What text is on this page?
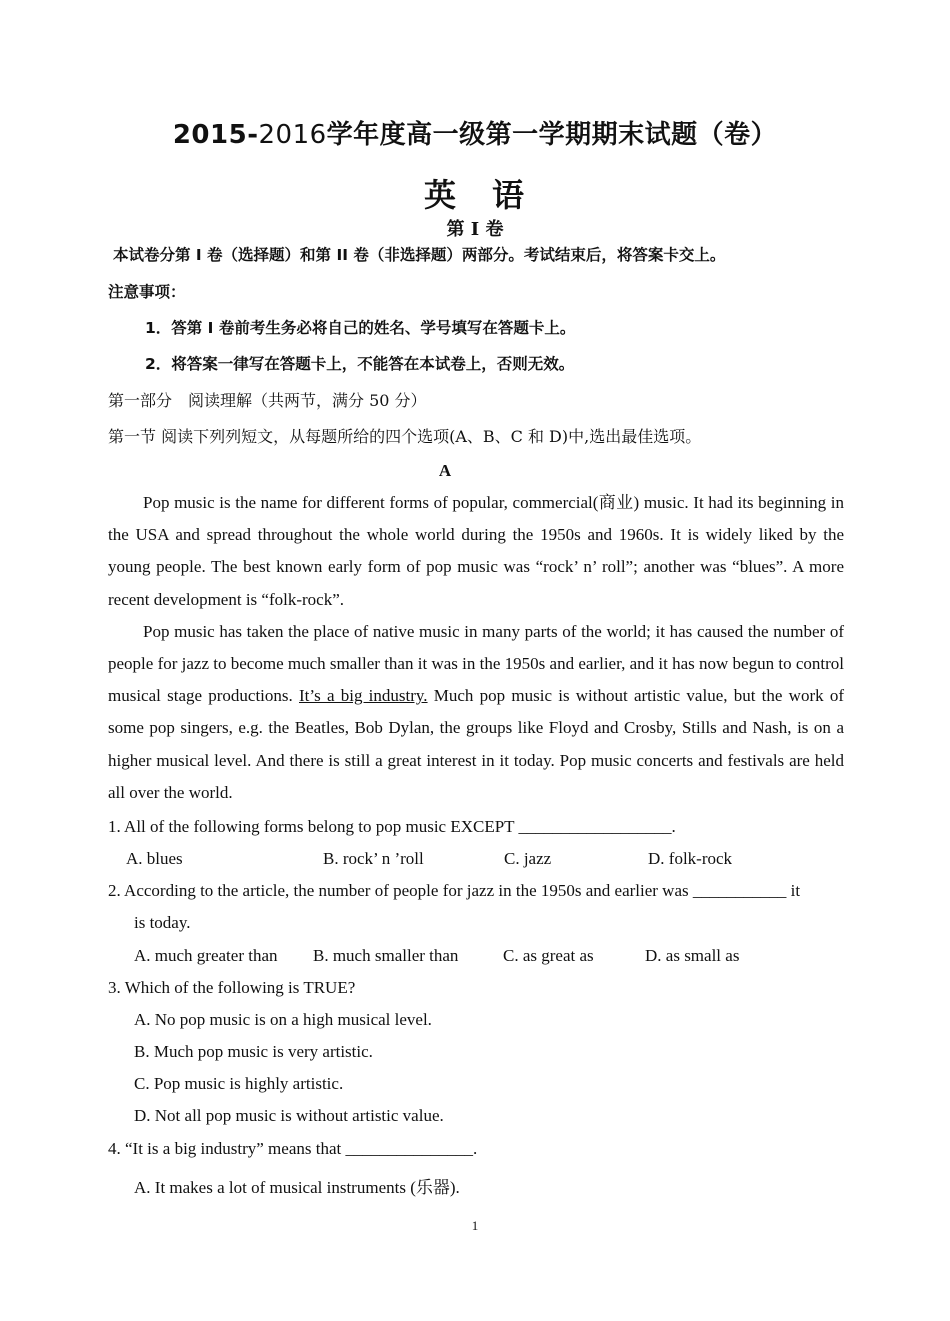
2015-2016学年度高一级第一学期期末试题（卷）
英　语
第 I 卷
本试卷分第 I 卷（选择题）和第 II 卷（非选择题）两部分。考试结束后，将答案卡交上。
注意事项：
1．答第 I 卷前考生务必将自己的姓名、学号填写在答题卡上。
2．将答案一律写在答题卡上，不能答在本试卷上，否则无效。
第一部分　阅读理解（共两节，满分 50 分）
第一节 阅读下列列短文，从每题所给的四个选项(A、B、C 和 D)中,选出最佳选项。
A

Pop music is the name for different forms of popular, commercial(商业) music. It had its beginning in the USA and spread throughout the whole world during the 1950s and 1960s. It is widely liked by the young people. The best known early form of pop music was “rock’ n’ roll”; another was “blues”. A more recent development is “folk-rock”.

Pop music has taken the place of native music in many parts of the world; it has caused the number of people for jazz to become much smaller than it was in the 1950s and earlier, and it has now begun to control musical stage productions. It’s a big industry. Much pop music is without artistic value, but the work of some pop singers, e.g. the Beatles, Bob Dylan, the groups like Floyd and Crosby, Stills and Nash, is on a higher musical level. And there is still a great interest in it today. Pop music concerts and festivals are held all over the world.

1. All of the following forms belong to pop music EXCEPT __________________.
A. blues	B. rock’ n ’roll	C. jazz	D. folk-rock
2. According to the article, the number of people for jazz in the 1950s and earlier was ___________ it
is today.
A. much greater than B. much smaller than	C. as great as	D. as small as
3. Which of the following is TRUE?
A. No pop music is on a high musical level.
B. Much pop music is very artistic.
C. Pop music is highly artistic.
D. Not all pop music is without artistic value.
4. “It is a big industry” means that _______________.
A. It makes a lot of musical instruments (乐器).
1
